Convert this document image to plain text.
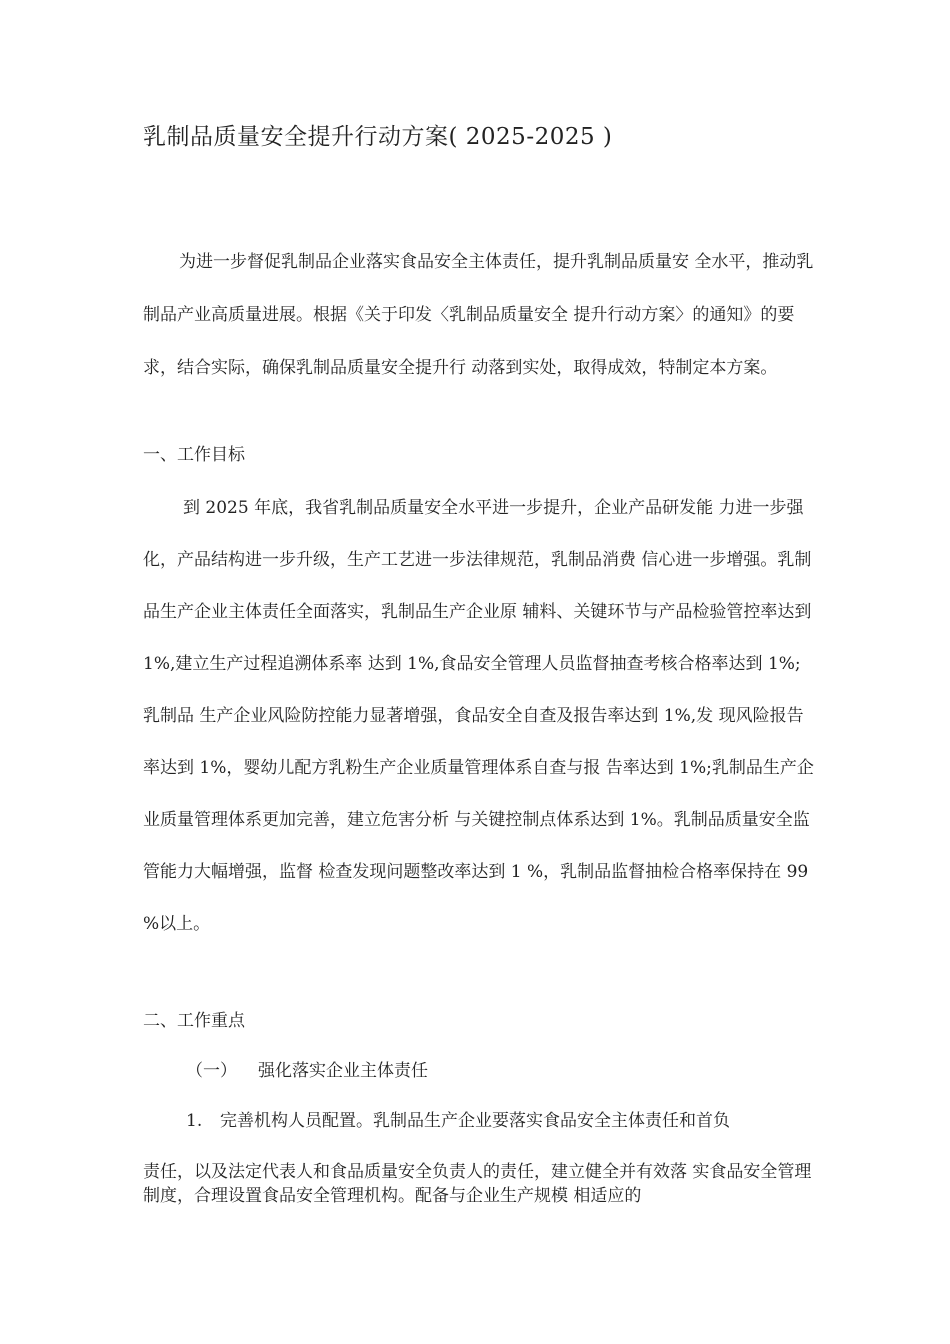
乳制品质量安全提升行动方案( 2025-2025 )

为进一步督促乳制品企业落实食品安全主体责任，提升乳制品质量安 全水平，推动乳制品产业高质量进展。根据《关于印发〈乳制品质量安全 提升行动方案〉的通知》的要求，结合实际，确保乳制品质量安全提升行 动落到实处，取得成效，特制定本方案。

一、工作目标

到 2025 年底，我省乳制品质量安全水平进一步提升，企业产品研发能 力进一步强化，产品结构进一步升级，生产工艺进一步法律规范，乳制品消费 信心进一步增强。乳制品生产企业主体责任全面落实，乳制品生产企业原 辅料、关键环节与产品检验管控率达到 1%,建立生产过程追溯体系率 达到 1%,食品安全管理人员监督抽查考核合格率达到 1%;乳制品 生产企业风险防控能力显著增强，食品安全自查及报告率达到 1%,发 现风险报告率达到 1%，婴幼儿配方乳粉生产企业质量管理体系自查与报 告率达到 1%;乳制品生产企业质量管理体系更加完善，建立危害分析 与关键控制点体系达到 1%。乳制品质量安全监管能力大幅增强，监督 检查发现问题整改率达到 1 %，乳制品监督抽检合格率保持在 99 %以上。

二、工作重点
（一） 强化落实企业主体责任
1. 完善机构人员配置。乳制品生产企业要落实食品安全主体责任和首负

责任，以及法定代表人和食品质量安全负责人的责任，建立健全并有效落 实食品安全管理制度，合理设置食品安全管理机构。配备与企业生产规模 相适应的
